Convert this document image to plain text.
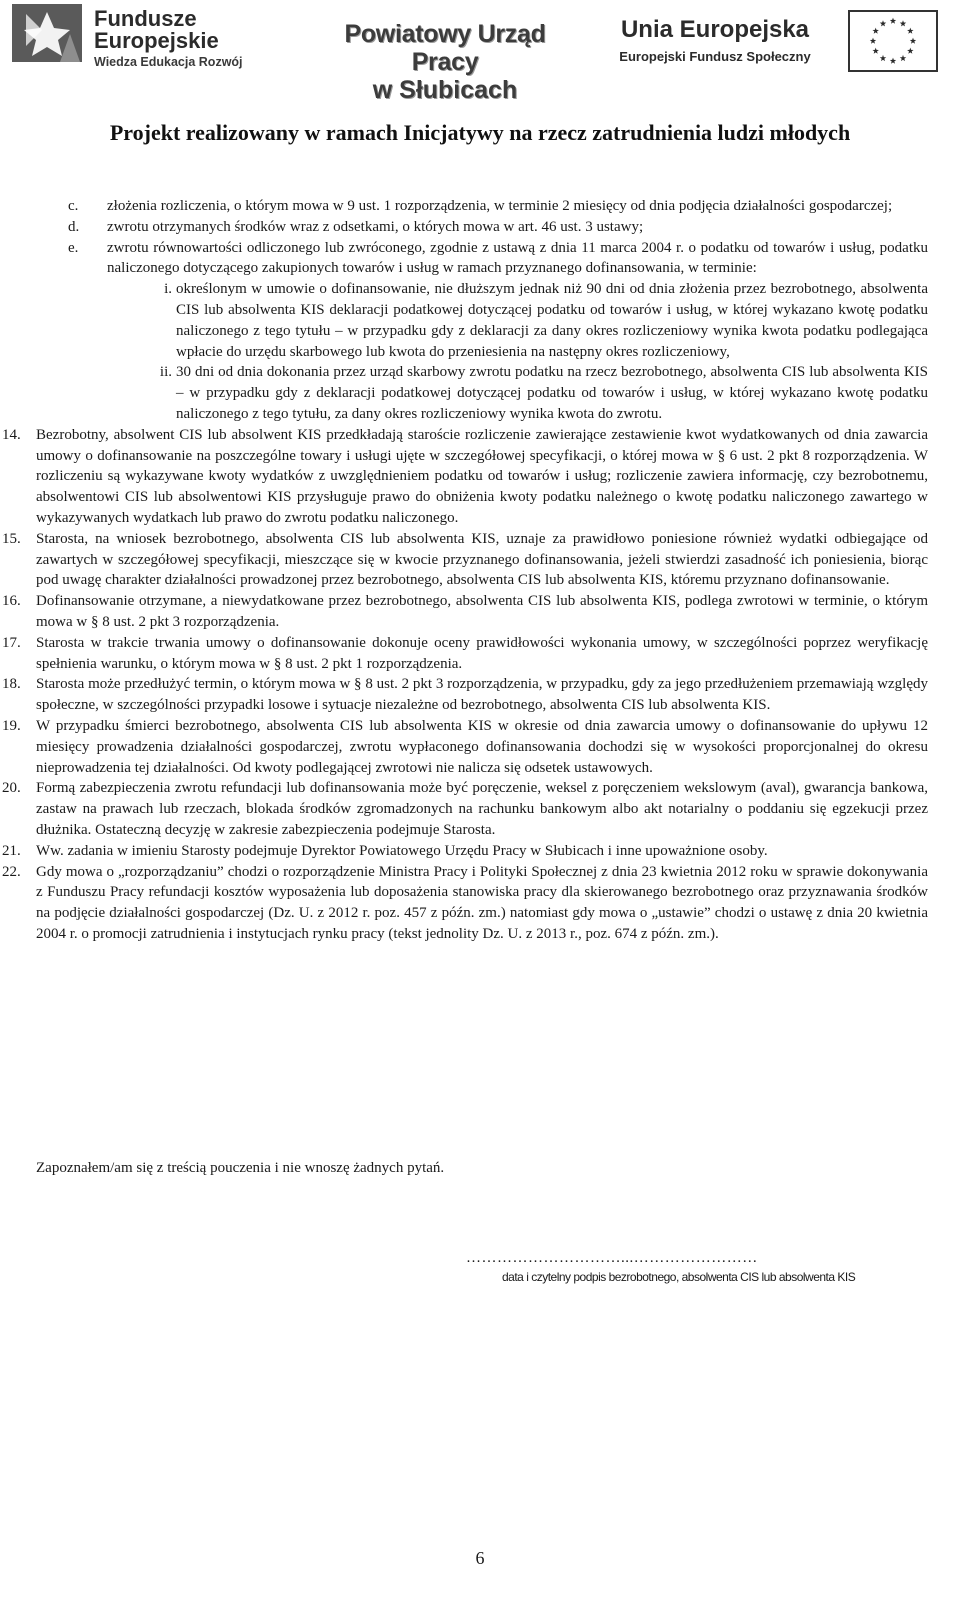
Fundusze
Europejskie
Wiedza Edukacja Rozwój
Powiatowy Urząd Pracy
w Słubicach
Unia Europejska
Europejski Fundusz Społeczny
Projekt realizowany w ramach Inicjatywy na rzecz zatrudnienia ludzi młodych
c. złożenia rozliczenia, o którym mowa w 9 ust. 1 rozporządzenia, w terminie 2 miesięcy od dnia podjęcia działalności gospodarczej;
d. zwrotu otrzymanych środków wraz z odsetkami, o których mowa w art. 46 ust. 3 ustawy;
e. zwrotu równowartości odliczonego lub zwróconego, zgodnie z ustawą z dnia 11 marca 2004 r. o podatku od towarów i usług, podatku naliczonego dotyczącego zakupionych towarów i usług w ramach przyznanego dofinansowania, w terminie:
i. określonym w umowie o dofinansowanie, nie dłuższym jednak niż 90 dni od dnia złożenia przez bezrobotnego, absolwenta CIS lub absolwenta KIS deklaracji podatkowej dotyczącej podatku od towarów i usług, w której wykazano kwotę podatku naliczonego z tego tytułu – w przypadku gdy z deklaracji za dany okres rozliczeniowy wynika kwota podatku podlegająca wpłacie do urzędu skarbowego lub kwota do przeniesienia na następny okres rozliczeniowy,
ii. 30 dni od dnia dokonania przez urząd skarbowy zwrotu podatku na rzecz bezrobotnego, absolwenta CIS lub absolwenta KIS – w przypadku gdy z deklaracji podatkowej dotyczącej podatku od towarów i usług, w której wykazano kwotę podatku naliczonego z tego tytułu, za dany okres rozliczeniowy wynika kwota do zwrotu.
14. Bezrobotny, absolwent CIS lub absolwent KIS przedkładają staroście rozliczenie zawierające zestawienie kwot wydatkowanych od dnia zawarcia umowy o dofinansowanie na poszczególne towary i usługi ujęte w szczegółowej specyfikacji, o której mowa w § 6 ust. 2 pkt 8 rozporządzenia. W rozliczeniu są wykazywane kwoty wydatków z uwzględnieniem podatku od towarów i usług; rozliczenie zawiera informację, czy bezrobotnemu, absolwentowi CIS lub absolwentowi KIS przysługuje prawo do obniżenia kwoty podatku należnego o kwotę podatku naliczonego zawartego w wykazywanych wydatkach lub prawo do zwrotu podatku naliczonego.
15. Starosta, na wniosek bezrobotnego, absolwenta CIS lub absolwenta KIS, uznaje za prawidłowo poniesione również wydatki odbiegające od zawartych w szczegółowej specyfikacji, mieszczące się w kwocie przyznanego dofinansowania, jeżeli stwierdzi zasadność ich poniesienia, biorąc pod uwagę charakter działalności prowadzonej przez bezrobotnego, absolwenta CIS lub absolwenta KIS, któremu przyznano dofinansowanie.
16. Dofinansowanie otrzymane, a niewydatkowane przez bezrobotnego, absolwenta CIS lub absolwenta KIS, podlega zwrotowi w terminie, o którym mowa w § 8 ust. 2 pkt 3 rozporządzenia.
17. Starosta w trakcie trwania umowy o dofinansowanie dokonuje oceny prawidłowości wykonania umowy, w szczególności poprzez weryfikację spełnienia warunku, o którym mowa w § 8 ust. 2 pkt 1 rozporządzenia.
18. Starosta może przedłużyć termin, o którym mowa w § 8 ust. 2 pkt 3 rozporządzenia, w przypadku, gdy za jego przedłużeniem przemawiają względy społeczne, w szczególności przypadki losowe i sytuacje niezależne od bezrobotnego, absolwenta CIS lub absolwenta KIS.
19. W przypadku śmierci bezrobotnego, absolwenta CIS lub absolwenta KIS w okresie od dnia zawarcia umowy o dofinansowanie do upływu 12 miesięcy prowadzenia działalności gospodarczej, zwrotu wypłaconego dofinansowania dochodzi się w wysokości proporcjonalnej do okresu nieprowadzenia tej działalności. Od kwoty podlegającej zwrotowi nie nalicza się odsetek ustawowych.
20. Formą zabezpieczenia zwrotu refundacji lub dofinansowania może być poręczenie, weksel z poręczeniem wekslowym (aval), gwarancja bankowa, zastaw na prawach lub rzeczach, blokada środków zgromadzonych na rachunku bankowym albo akt notarialny o poddaniu się egzekucji przez dłużnika. Ostateczną decyzję w zakresie zabezpieczenia podejmuje Starosta.
21. Ww. zadania w imieniu Starosty podejmuje Dyrektor Powiatowego Urzędu Pracy w Słubicach i inne upoważnione osoby.
22. Gdy mowa o „rozporządzaniu” chodzi o rozporządzenie Ministra Pracy i Polityki Społecznej z dnia 23 kwietnia 2012 roku w sprawie dokonywania z Funduszu Pracy refundacji kosztów wyposażenia lub doposażenia stanowiska pracy dla skierowanego bezrobotnego oraz przyznawania środków na podjęcie działalności gospodarczej (Dz. U. z 2012 r. poz. 457 z późn. zm.) natomiast gdy mowa o „ustawie” chodzi o ustawę z dnia 20 kwietnia 2004 r. o promocji zatrudnienia i instytucjach rynku pracy (tekst jednolity Dz. U. z 2013 r., poz. 674 z późn. zm.).
Zapoznałem/am się z treścią pouczenia i nie wnoszę żadnych pytań.
…………………………...……………………
data i czytelny podpis bezrobotnego, absolwenta CIS lub absolwenta KIS
6
